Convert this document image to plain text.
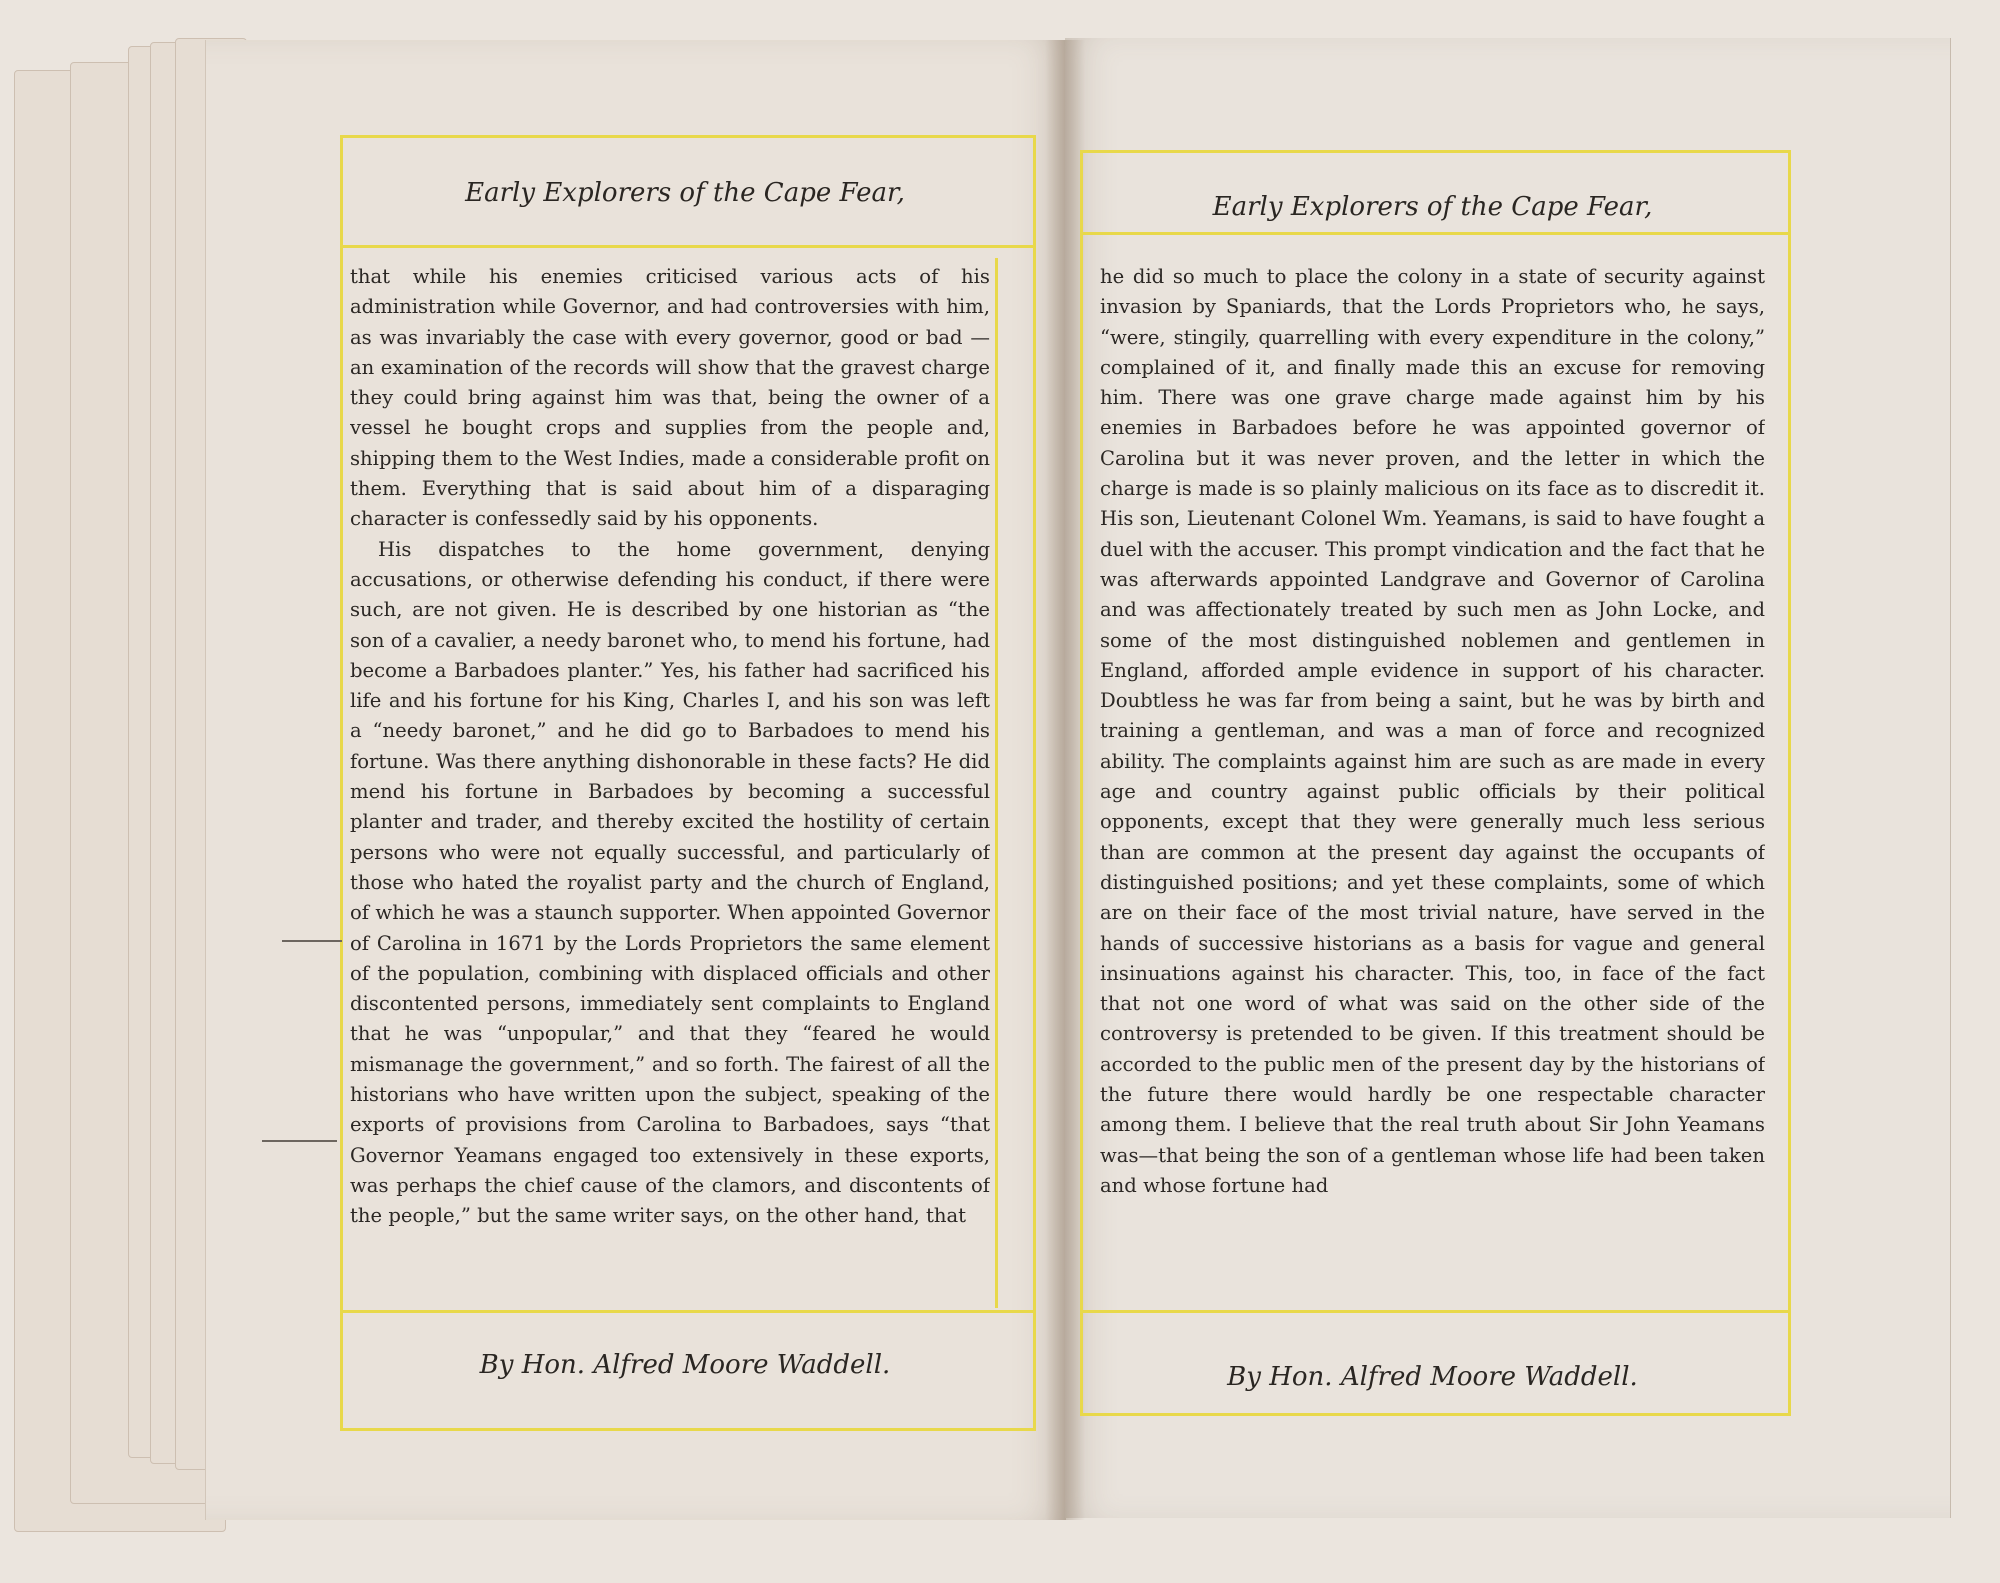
Early Explorers of the Cape Fear,

that while his enemies criticised various acts of his administration while Governor, and had controversies with him, as was invariably the case with every governor, good or bad —an examination of the records will show that the gravest charge they could bring against him was that, being the owner of a vessel he bought crops and supplies from the people and, shipping them to the West Indies, made a considerable profit on them. Everything that is said about him of a disparaging character is confessedly said by his opponents.

His dispatches to the home government, denying accusations, or otherwise defending his conduct, if there were such, are not given. He is described by one historian as “the son of a cavalier, a needy baronet who, to mend his fortune, had become a Barbadoes planter.” Yes, his father had sacrificed his life and his fortune for his King, Charles I, and his son was left a “needy baronet,” and he did go to Barbadoes to mend his fortune. Was there anything dishonorable in these facts? He did mend his fortune in Barbadoes by becoming a successful planter and trader, and thereby excited the hostility of certain persons who were not equally successful, and particularly of those who hated the royalist party and the church of England, of which he was a staunch supporter. When appointed Governor of Carolina in 1671 by the Lords Proprietors the same element of the population, combining with displaced officials and other discontented persons, immediately sent complaints to England that he was “unpopular,” and that they “feared he would mismanage the government,” and so forth. The fairest of all the historians who have written upon the subject, speaking of the exports of provisions from Carolina to Barbadoes, says “that Governor Yeamans engaged too extensively in these exports, was perhaps the chief cause of the clamors, and discontents of the people,” but the same writer says, on the other hand, that

By Hon. Alfred Moore Waddell.
Early Explorers of the Cape Fear,

he did so much to place the colony in a state of security against invasion by Spaniards, that the Lords Proprietors who, he says, “were, stingily, quarrelling with every expenditure in the colony,” complained of it, and finally made this an excuse for removing him. There was one grave charge made against him by his enemies in Barbadoes before he was appointed governor of Carolina but it was never proven, and the letter in which the charge is made is so plainly malicious on its face as to discredit it. His son, Lieutenant Colonel Wm. Yeamans, is said to have fought a duel with the accuser. This prompt vindication and the fact that he was afterwards appointed Landgrave and Governor of Carolina and was affectionately treated by such men as John Locke, and some of the most distinguished noblemen and gentlemen in England, afforded ample evidence in support of his character. Doubtless he was far from being a saint, but he was by birth and training a gentleman, and was a man of force and recognized ability. The complaints against him are such as are made in every age and country against public officials by their political opponents, except that they were generally much less serious than are common at the present day against the occupants of distinguished positions; and yet these complaints, some of which are on their face of the most trivial nature, have served in the hands of successive historians as a basis for vague and general insinuations against his character. This, too, in face of the fact that not one word of what was said on the other side of the controversy is pretended to be given. If this treatment should be accorded to the public men of the present day by the historians of the future there would hardly be one respectable character among them. I believe that the real truth about Sir John Yeamans was—that being the son of a gentleman whose life had been taken and whose fortune had

By Hon. Alfred Moore Waddell.
